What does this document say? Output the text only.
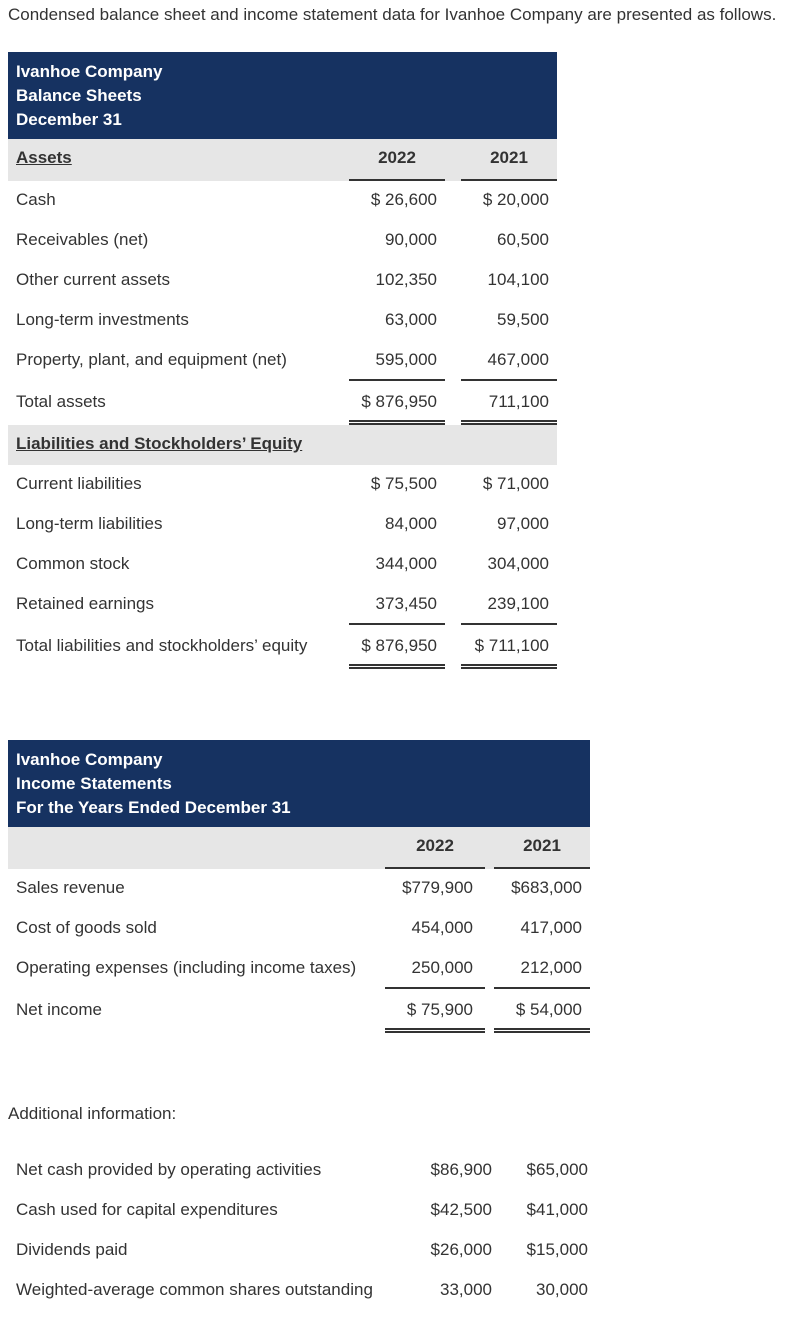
Condensed balance sheet and income statement data for Ivanhoe Company are presented as follows.
Ivanhoe Company
Balance Sheets
December 31
Assets	2022	2021
Cash	$ 26,600	$ 20,000
Receivables (net)	90,000	60,500
Other current assets	102,350	104,100
Long-term investments	63,000	59,500
Property, plant, and equipment (net)	595,000	467,000
Total assets	$ 876,950	711,100
Liabilities and Stockholders’ Equity
Current liabilities	$ 75,500	$ 71,000
Long-term liabilities	84,000	97,000
Common stock	344,000	304,000
Retained earnings	373,450	239,100
Total liabilities and stockholders’ equity	$ 876,950 $ 711,100
Ivanhoe Company
Income Statements
For the Years Ended December 31
2022	2021
Sales revenue	$779,900 $683,000
Cost of goods sold	454,000	417,000
Operating expenses (including income taxes)	250,000	212,000
Net income	$ 75,900	$ 54,000
Additional information:
Net cash provided by operating activities	$86,900 $65,000
Cash used for capital expenditures	$42,500 $41,000
Dividends paid	$26,000 $15,000
Weighted-average common shares outstanding	33,000	30,000
